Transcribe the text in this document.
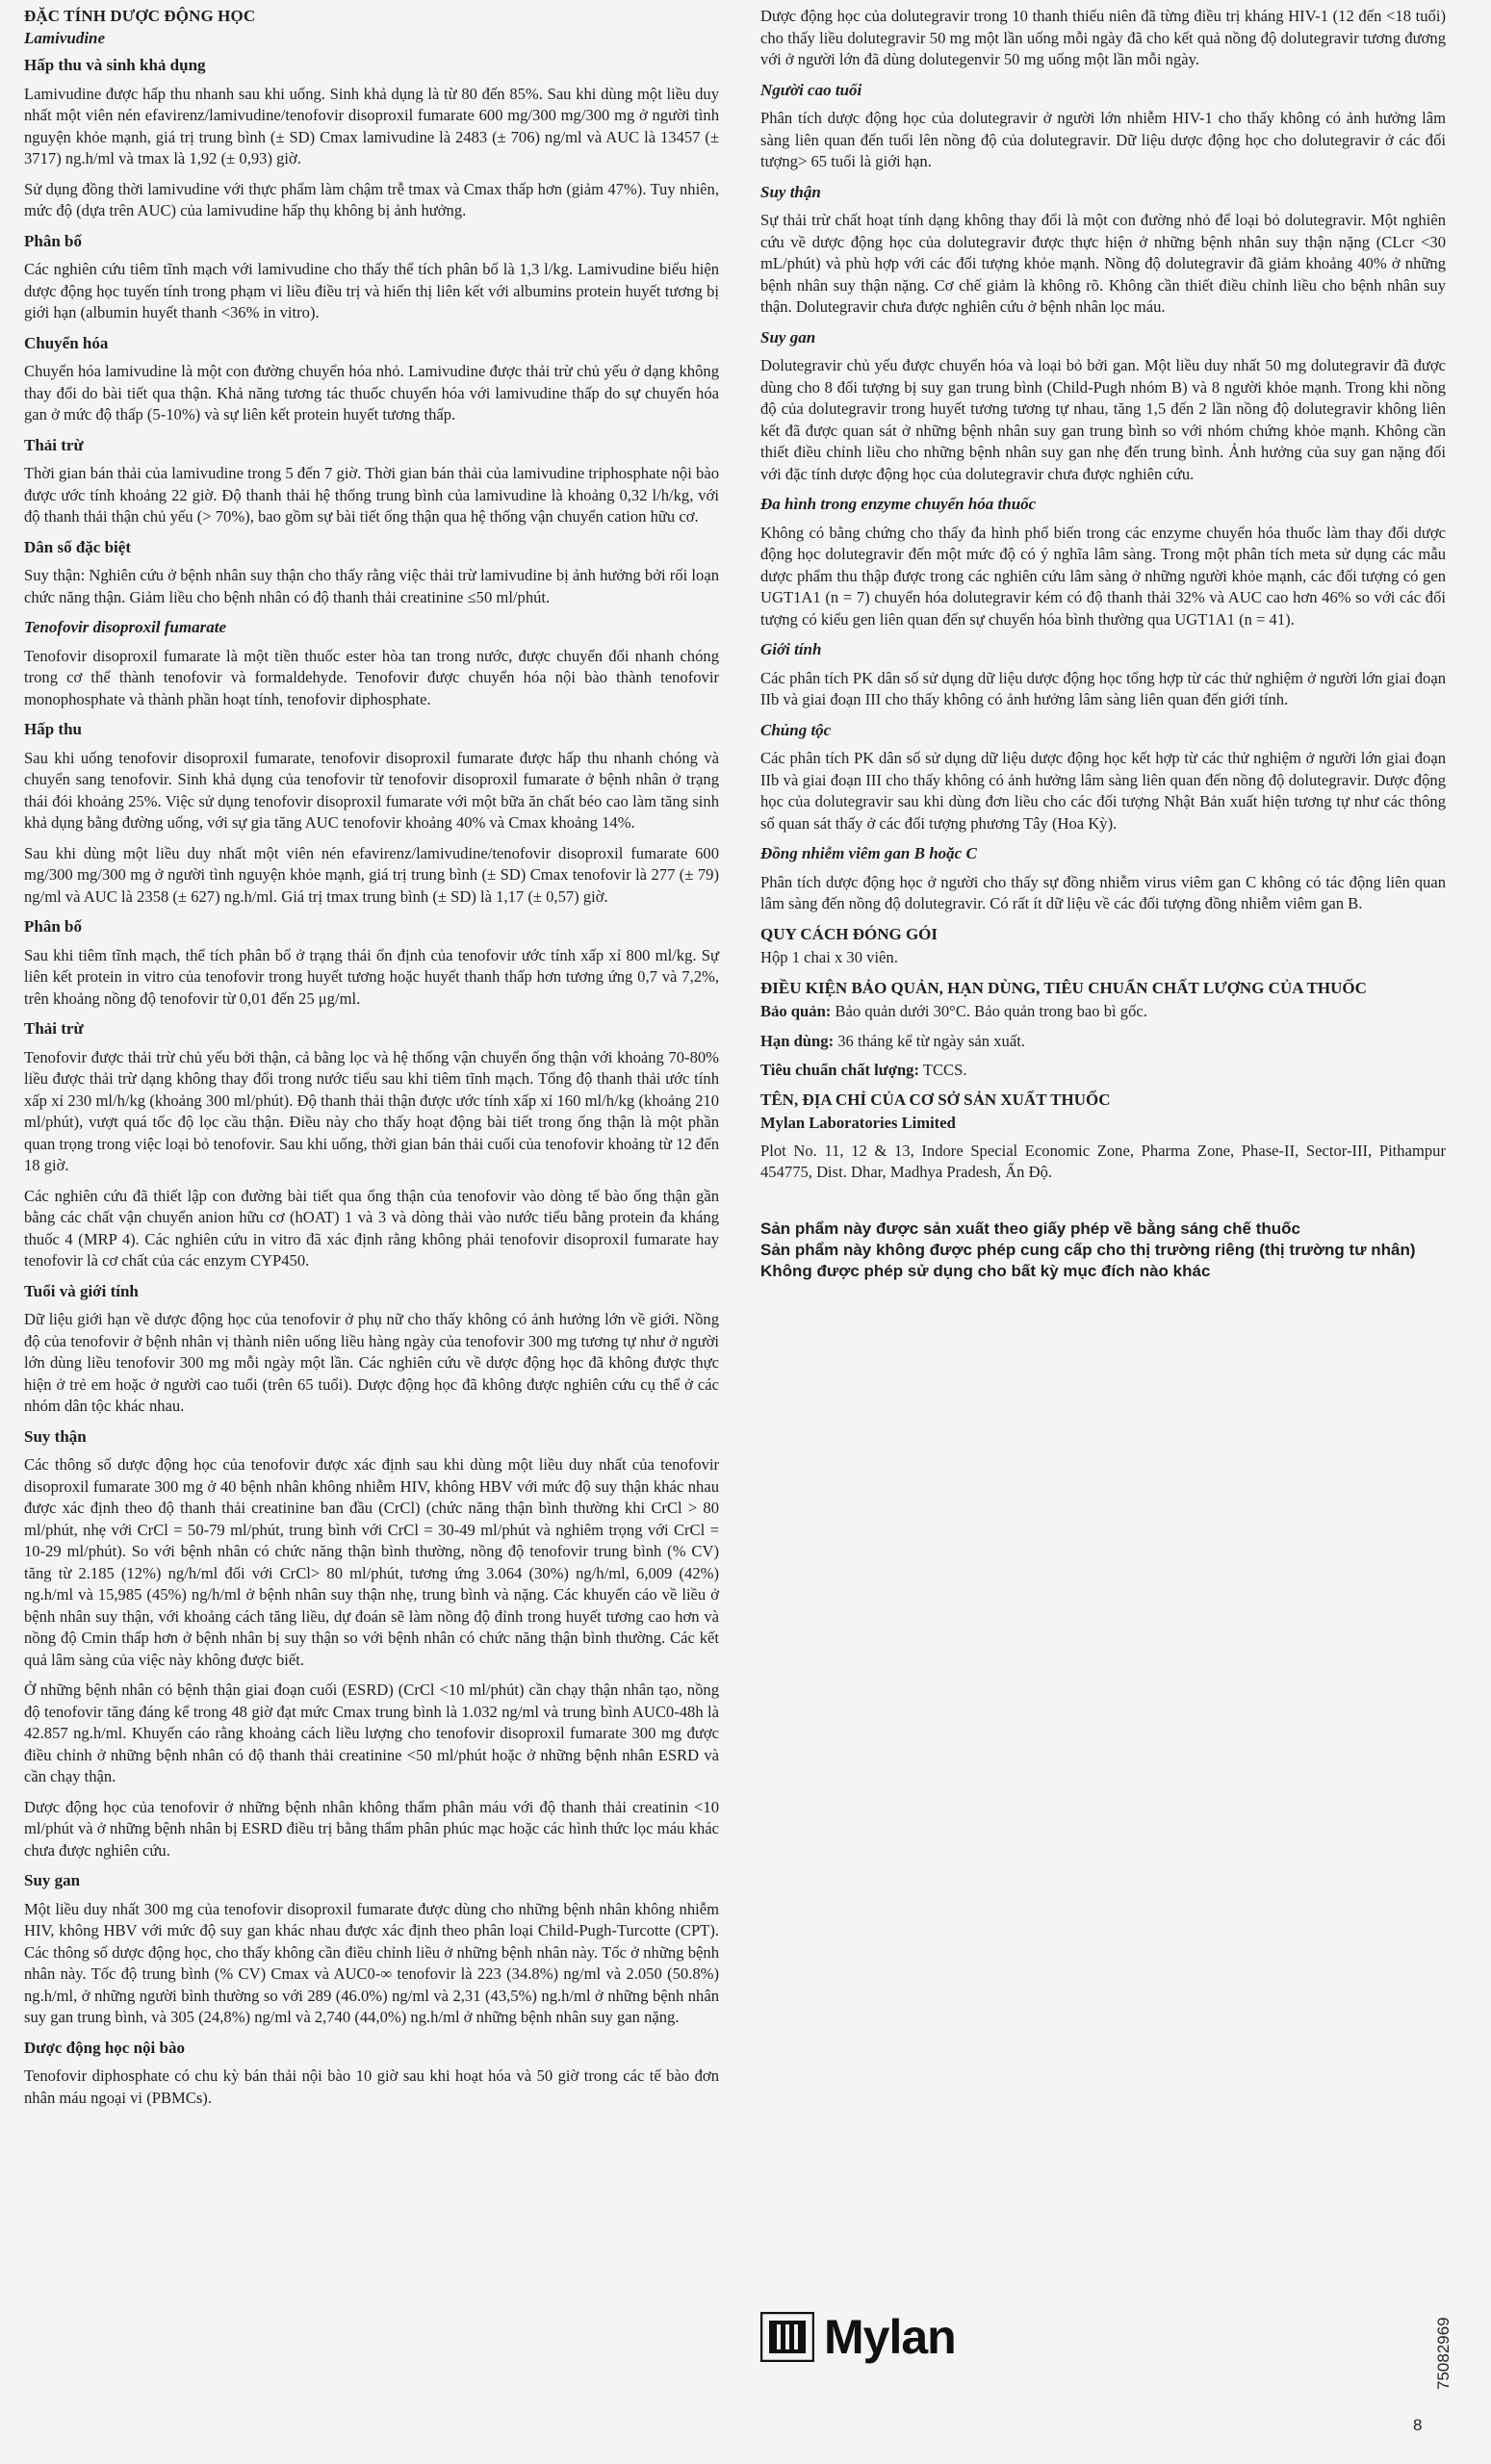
ĐẶC TÍNH DƯỢC ĐỘNG HỌC
Lamivudine
Hấp thu và sinh khả dụng

Lamivudine được hấp thu nhanh sau khi uống. Sinh khả dụng là từ 80 đến 85%. Sau khi dùng một liều duy nhất một viên nén efavirenz/lamivudine/tenofovir disoproxil fumarate 600 mg/300 mg/300 mg ở người tình nguyện khỏe mạnh, giá trị trung bình (± SD) Cmax lamivudine là 2483 (± 706) ng/ml và AUC là 13457 (± 3717) ng.h/ml và tmax là 1,92 (± 0,93) giờ.

Sử dụng đồng thời lamivudine với thực phẩm làm chậm trễ tmax và Cmax thấp hơn (giảm 47%). Tuy nhiên, mức độ (dựa trên AUC) của lamivudine hấp thụ không bị ảnh hưởng.

Phân bố

Các nghiên cứu tiêm tĩnh mạch với lamivudine cho thấy thể tích phân bố là 1,3 l/kg. Lamivudine biểu hiện dược động học tuyến tính trong phạm vi liều điều trị và hiển thị liên kết với albumins protein huyết tương bị giới hạn (albumin huyết thanh <36% in vitro).

Chuyển hóa

Chuyển hóa lamivudine là một con đường chuyển hóa nhỏ. Lamivudine được thải trừ chủ yếu ở dạng không thay đổi do bài tiết qua thận. Khả năng tương tác thuốc chuyển hóa với lamivudine thấp do sự chuyển hóa gan ở mức độ thấp (5-10%) và sự liên kết protein huyết tương thấp.

Thải trừ

Thời gian bán thải của lamivudine trong 5 đến 7 giờ. Thời gian bán thải của lamivudine triphosphate nội bào được ước tính khoảng 22 giờ. Độ thanh thải hệ thống trung bình của lamivudine là khoảng 0,32 l/h/kg, với độ thanh thải thận chủ yếu (> 70%), bao gồm sự bài tiết ống thận qua hệ thống vận chuyển cation hữu cơ.

Dân số đặc biệt

Suy thận: Nghiên cứu ở bệnh nhân suy thận cho thấy rằng việc thải trừ lamivudine bị ảnh hưởng bởi rối loạn chức năng thận. Giảm liều cho bệnh nhân có độ thanh thải creatinine ≤50 ml/phút.

Tenofovir disoproxil fumarate

Tenofovir disoproxil fumarate là một tiền thuốc ester hòa tan trong nước, được chuyển đổi nhanh chóng trong cơ thể thành tenofovir và formaldehyde. Tenofovir được chuyển hóa nội bào thành tenofovir monophosphate và thành phần hoạt tính, tenofovir diphosphate.

Hấp thu

Sau khi uống tenofovir disoproxil fumarate, tenofovir disoproxil fumarate được hấp thu nhanh chóng và chuyển sang tenofovir. Sinh khả dụng của tenofovir từ tenofovir disoproxil fumarate ở bệnh nhân ở trạng thái đói khoảng 25%. Việc sử dụng tenofovir disoproxil fumarate với một bữa ăn chất béo cao làm tăng sinh khả dụng bằng đường uống, với sự gia tăng AUC tenofovir khoảng 40% và Cmax khoảng 14%.

Sau khi dùng một liều duy nhất một viên nén efavirenz/lamivudine/tenofovir disoproxil fumarate 600 mg/300 mg/300 mg ở người tình nguyện khỏe mạnh, giá trị trung bình (± SD) Cmax tenofovir là 277 (± 79) ng/ml và AUC là 2358 (± 627) ng.h/ml. Giá trị tmax trung bình (± SD) là 1,17 (± 0,57) giờ.

Phân bố

Sau khi tiêm tĩnh mạch, thể tích phân bố ở trạng thái ổn định của tenofovir ước tính xấp xỉ 800 ml/kg. Sự liên kết protein in vitro của tenofovir trong huyết tương hoặc huyết thanh thấp hơn tương ứng 0,7 và 7,2%, trên khoảng nồng độ tenofovir từ 0,01 đến 25 μg/ml.

Thải trừ

Tenofovir được thải trừ chủ yếu bởi thận, cả bằng lọc và hệ thống vận chuyển ống thận với khoảng 70-80% liều được thải trừ dạng không thay đổi trong nước tiểu sau khi tiêm tĩnh mạch. Tổng độ thanh thải ước tính xấp xỉ 230 ml/h/kg (khoảng 300 ml/phút). Độ thanh thải thận được ước tính xấp xỉ 160 ml/h/kg (khoảng 210 ml/phút), vượt quá tốc độ lọc cầu thận. Điều này cho thấy hoạt động bài tiết trong ống thận là một phần quan trọng trong việc loại bỏ tenofovir. Sau khi uống, thời gian bán thải cuối của tenofovir khoảng từ 12 đến 18 giờ.

Các nghiên cứu đã thiết lập con đường bài tiết qua ống thận của tenofovir vào dòng tế bào ống thận gần bằng các chất vận chuyển anion hữu cơ (hOAT) 1 và 3 và dòng thải vào nước tiểu bằng protein đa kháng thuốc 4 (MRP 4). Các nghiên cứu in vitro đã xác định rằng không phải tenofovir disoproxil fumarate hay tenofovir là cơ chất của các enzym CYP450.

Tuổi và giới tính

Dữ liệu giới hạn về dược động học của tenofovir ở phụ nữ cho thấy không có ảnh hưởng lớn về giới. Nồng độ của tenofovir ở bệnh nhân vị thành niên uống liều hàng ngày của tenofovir 300 mg tương tự như ở người lớn dùng liều tenofovir 300 mg mỗi ngày một lần. Các nghiên cứu về dược động học đã không được thực hiện ở trẻ em hoặc ở người cao tuổi (trên 65 tuổi). Dược động học đã không được nghiên cứu cụ thể ở các nhóm dân tộc khác nhau.

Suy thận

Các thông số dược động học của tenofovir được xác định sau khi dùng một liều duy nhất của tenofovir disoproxil fumarate 300 mg ở 40 bệnh nhân không nhiễm HIV, không HBV với mức độ suy thận khác nhau được xác định theo độ thanh thải creatinine ban đầu (CrCl) (chức năng thận bình thường khi CrCl > 80 ml/phút, nhẹ với CrCl = 50-79 ml/phút, trung bình với CrCl = 30-49 ml/phút và nghiêm trọng với CrCl = 10-29 ml/phút). So với bệnh nhân có chức năng thận bình thường, nồng độ tenofovir trung bình (% CV) tăng từ 2.185 (12%) ng/h/ml đối với CrCl> 80 ml/phút, tương ứng 3.064 (30%) ng/h/ml, 6,009 (42%) ng.h/ml và 15,985 (45%) ng/h/ml ở bệnh nhân suy thận nhẹ, trung bình và nặng. Các khuyến cáo về liều ở bệnh nhân suy thận, với khoảng cách tăng liều, dự đoán sẽ làm nồng độ đỉnh trong huyết tương cao hơn và nồng độ Cmin thấp hơn ở bệnh nhân bị suy thận so với bệnh nhân có chức năng thận bình thường. Các kết quả lâm sàng của việc này không được biết.

Ở những bệnh nhân có bệnh thận giai đoạn cuối (ESRD) (CrCl <10 ml/phút) cần chạy thận nhân tạo, nồng độ tenofovir tăng đáng kể trong 48 giờ đạt mức Cmax trung bình là 1.032 ng/ml và trung bình AUC0-48h là 42.857 ng.h/ml. Khuyến cáo rằng khoảng cách liều lượng cho tenofovir disoproxil fumarate 300 mg được điều chỉnh ở những bệnh nhân có độ thanh thải creatinine <50 ml/phút hoặc ở những bệnh nhân ESRD và cần chạy thận.

Dược động học của tenofovir ở những bệnh nhân không thẩm phân máu với độ thanh thải creatinin <10 ml/phút và ở những bệnh nhân bị ESRD điều trị bằng thẩm phân phúc mạc hoặc các hình thức lọc máu khác chưa được nghiên cứu.

Suy gan

Một liều duy nhất 300 mg của tenofovir disoproxil fumarate được dùng cho những bệnh nhân không nhiễm HIV, không HBV với mức độ suy gan khác nhau được xác định theo phân loại Child-Pugh-Turcotte (CPT). Các thông số dược động học, cho thấy không cần điều chỉnh liều ở những bệnh nhân này. Tốc ở những bệnh nhân này. Tốc độ trung bình (% CV) Cmax và AUC0-∞ tenofovir là 223 (34.8%) ng/ml và 2.050 (50.8%) ng.h/ml, ở những người bình thường so với 289 (46.0%) ng/ml và 2,31 (43,5%) ng.h/ml ở những bệnh nhân suy gan trung bình, và 305 (24,8%) ng/ml và 2,740 (44,0%) ng.h/ml ở những bệnh nhân suy gan nặng.

Dược động học nội bào

Tenofovir diphosphate có chu kỳ bán thải nội bào 10 giờ sau khi hoạt hóa và 50 giờ trong các tế bào đơn nhân máu ngoại vi (PBMCs).

Dược động học của dolutegravir trong 10 thanh thiếu niên đã từng điều trị kháng HIV-1 (12 đến <18 tuổi) cho thấy liều dolutegravir 50 mg một lần uống mỗi ngày đã cho kết quả nồng độ dolutegravir tương đương với ở người lớn đã dùng dolutegenvir 50 mg uống một lần mỗi ngày.

Người cao tuổi

Phân tích dược động học của dolutegravir ở người lớn nhiễm HIV-1 cho thấy không có ảnh hưởng lâm sàng liên quan đến tuổi lên nồng độ của dolutegravir. Dữ liệu dược động học cho dolutegravir ở các đối tượng> 65 tuổi là giới hạn.

Suy thận

Sự thải trừ chất hoạt tính dạng không thay đổi là một con đường nhỏ để loại bỏ dolutegravir. Một nghiên cứu về dược động học của dolutegravir được thực hiện ở những bệnh nhân suy thận nặng (CLcr <30 mL/phút) và phù hợp với các đối tượng khỏe mạnh. Nồng độ dolutegravir đã giảm khoảng 40% ở những bệnh nhân suy thận nặng. Cơ chế giảm là không rõ. Không cần thiết điều chỉnh liều cho bệnh nhân suy thận. Dolutegravir chưa được nghiên cứu ở bệnh nhân lọc máu.

Suy gan

Dolutegravir chủ yếu được chuyển hóa và loại bỏ bởi gan. Một liều duy nhất 50 mg dolutegravir đã được dùng cho 8 đối tượng bị suy gan trung bình (Child-Pugh nhóm B) và 8 người khỏe mạnh. Trong khi nồng độ của dolutegravir trong huyết tương tương tự nhau, tăng 1,5 đến 2 lần nồng độ dolutegravir không liên kết đã được quan sát ở những bệnh nhân suy gan trung bình so với nhóm chứng khỏe mạnh. Không cần thiết điều chỉnh liều cho những bệnh nhân suy gan nhẹ đến trung bình. Ảnh hưởng của suy gan nặng đối với đặc tính dược động học của dolutegravir chưa được nghiên cứu.

Đa hình trong enzyme chuyển hóa thuốc

Không có bằng chứng cho thấy đa hình phổ biến trong các enzyme chuyển hóa thuốc làm thay đổi dược động học dolutegravir đến một mức độ có ý nghĩa lâm sàng. Trong một phân tích meta sử dụng các mẫu dược phẩm thu thập được trong các nghiên cứu lâm sàng ở những người khỏe mạnh, các đối tượng có gen UGT1A1 (n = 7) chuyển hóa dolutegravir kém có độ thanh thải 32% và AUC cao hơn 46% so với các đối tượng có kiểu gen liên quan đến sự chuyển hóa bình thường qua UGT1A1 (n = 41).

Giới tính

Các phân tích PK dân số sử dụng dữ liệu dược động học tổng hợp từ các thử nghiệm ở người lớn giai đoạn IIb và giai đoạn III cho thấy không có ảnh hưởng lâm sàng liên quan đến giới tính.

Chủng tộc

Các phân tích PK dân số sử dụng dữ liệu dược động học kết hợp từ các thử nghiệm ở người lớn giai đoạn IIb và giai đoạn III cho thấy không có ảnh hưởng lâm sàng liên quan đến nồng độ dolutegravir. Dược động học của dolutegravir sau khi dùng đơn liều cho các đối tượng Nhật Bản xuất hiện tương tự như các thông số quan sát thấy ở các đối tượng phương Tây (Hoa Kỳ).

Đồng nhiễm viêm gan B hoặc C

Phân tích dược động học ở người cho thấy sự đồng nhiễm virus viêm gan C không có tác động liên quan lâm sàng đến nồng độ dolutegravir. Có rất ít dữ liệu về các đối tượng đồng nhiễm viêm gan B.

QUY CÁCH ĐÓNG GÓI

Hộp 1 chai x 30 viên.

ĐIỀU KIỆN BẢO QUẢN, HẠN DÙNG, TIÊU CHUẨN CHẤT LƯỢNG CỦA THUỐC
Bảo quản: Bảo quản dưới 30°C. Bảo quản trong bao bì gốc.
Hạn dùng: 36 tháng kể từ ngày sản xuất.
Tiêu chuẩn chất lượng: TCCS.
TÊN, ĐỊA CHỈ CỦA CƠ SỞ SẢN XUẤT THUỐC
Mylan Laboratories Limited

Plot No. 11, 12 & 13, Indore Special Economic Zone, Pharma Zone, Phase-II, Sector-III, Pithampur 454775, Dist. Dhar, Madhya Pradesh, Ấn Độ.

Sản phẩm này được sản xuất theo giấy phép về bằng sáng chế thuốc
Sản phẩm này không được phép cung cấp cho thị trường riêng (thị trường tư nhân)
Không được phép sử dụng cho bất kỳ mục đích nào khác
Mylan	75082969
8
